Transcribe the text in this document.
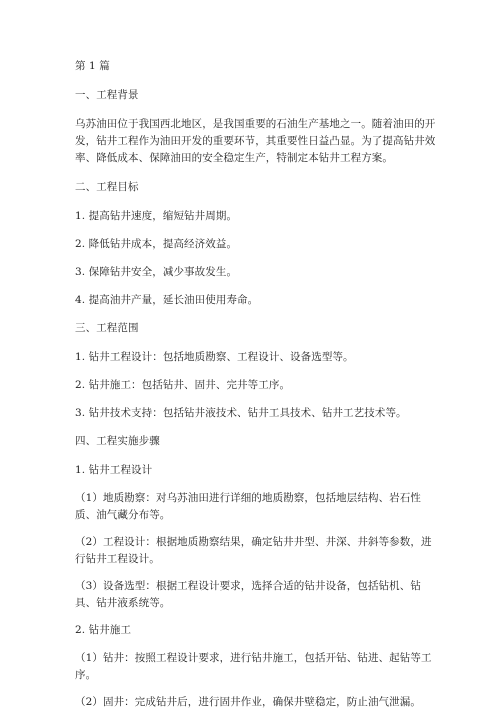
第 1 篇

一、工程背景

乌苏油田位于我国西北地区，是我国重要的石油生产基地之一。随着油田的开发，钻井工程作为油田开发的重要环节，其重要性日益凸显。为了提高钻井效率、降低成本、保障油田的安全稳定生产，特制定本钻井工程方案。

二、工程目标

1. 提高钻井速度，缩短钻井周期。

2. 降低钻井成本，提高经济效益。

3. 保障钻井安全，减少事故发生。

4. 提高油井产量，延长油田使用寿命。

三、工程范围

1. 钻井工程设计：包括地质勘察、工程设计、设备选型等。

2. 钻井施工：包括钻井、固井、完井等工序。

3. 钻井技术支持：包括钻井液技术、钻井工具技术、钻井工艺技术等。

四、工程实施步骤

1. 钻井工程设计

（1）地质勘察：对乌苏油田进行详细的地质勘察，包括地层结构、岩石性质、油气藏分布等。

（2）工程设计：根据地质勘察结果，确定钻井井型、井深、井斜等参数，进行钻井工程设计。

（3）设备选型：根据工程设计要求，选择合适的钻井设备，包括钻机、钻具、钻井液系统等。

2. 钻井施工

（1）钻井：按照工程设计要求，进行钻井施工，包括开钻、钻进、起钻等工序。

（2）固井：完成钻井后，进行固井作业，确保井壁稳定，防止油气泄漏。
